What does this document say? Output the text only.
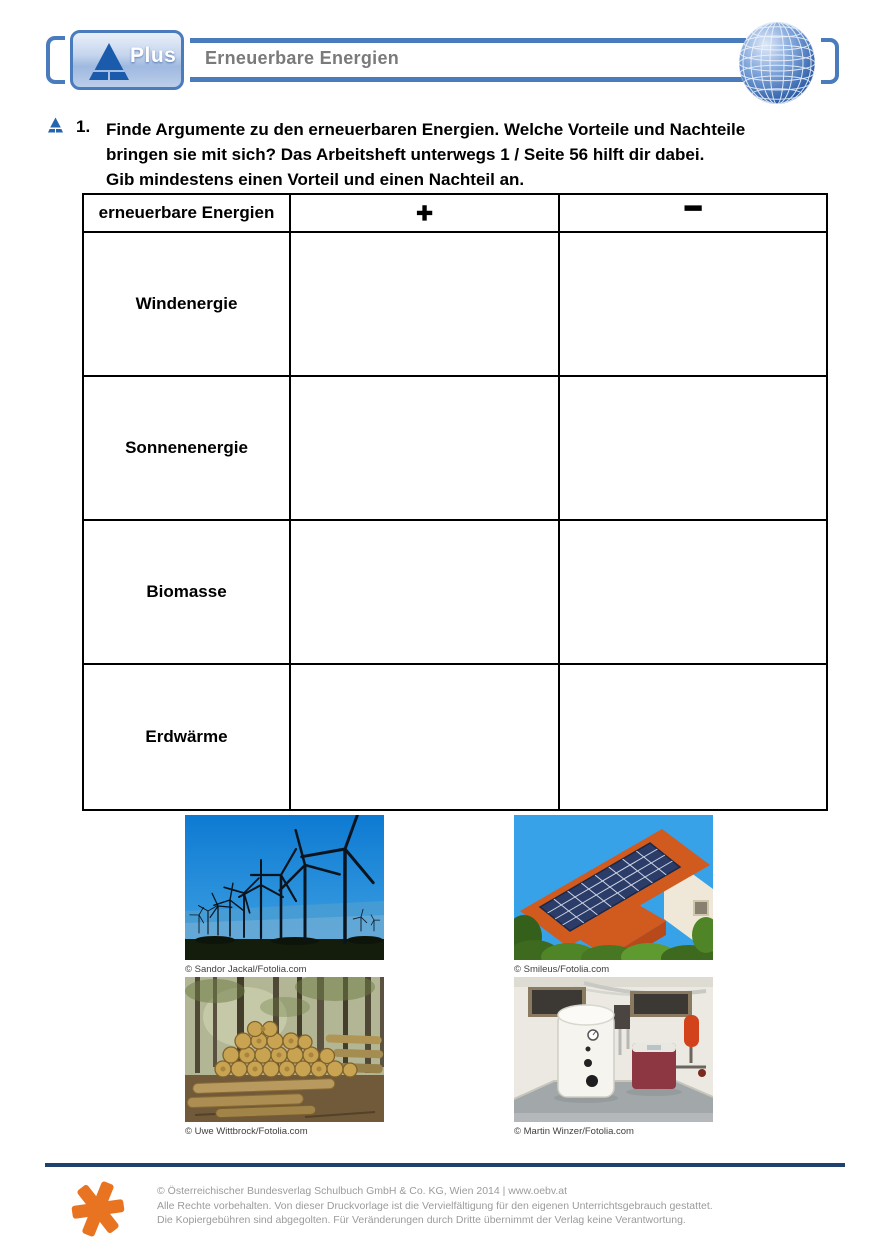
Plus Erneuerbare Energien
1. Finde Argumente zu den erneuerbaren Energien. Welche Vorteile und Nachteile
bringen sie mit sich? Das Arbeitsheft unterwegs 1 / Seite 56 hilft dir dabei.
Gib mindestens einen Vorteil und einen Nachteil an.
erneuerbare Energien	+	−
Windenergie
Sonnenenergie
Biomasse
Erdwärme
© Sandor Jackal/Fotolia.com	© Smileus/Fotolia.com
© Uwe Wittbrock/Fotolia.com	© Martin Winzer/Fotolia.com
© Österreichischer Bundesverlag Schulbuch GmbH & Co. KG, Wien 2014 | www.oebv.at
Alle Rechte vorbehalten. Von dieser Druckvorlage ist die Vervielfältigung für den eigenen Unterrichtsgebrauch gestattet.
Die Kopiergebühren sind abgegolten. Für Veränderungen durch Dritte übernimmt der Verlag keine Verantwortung.
